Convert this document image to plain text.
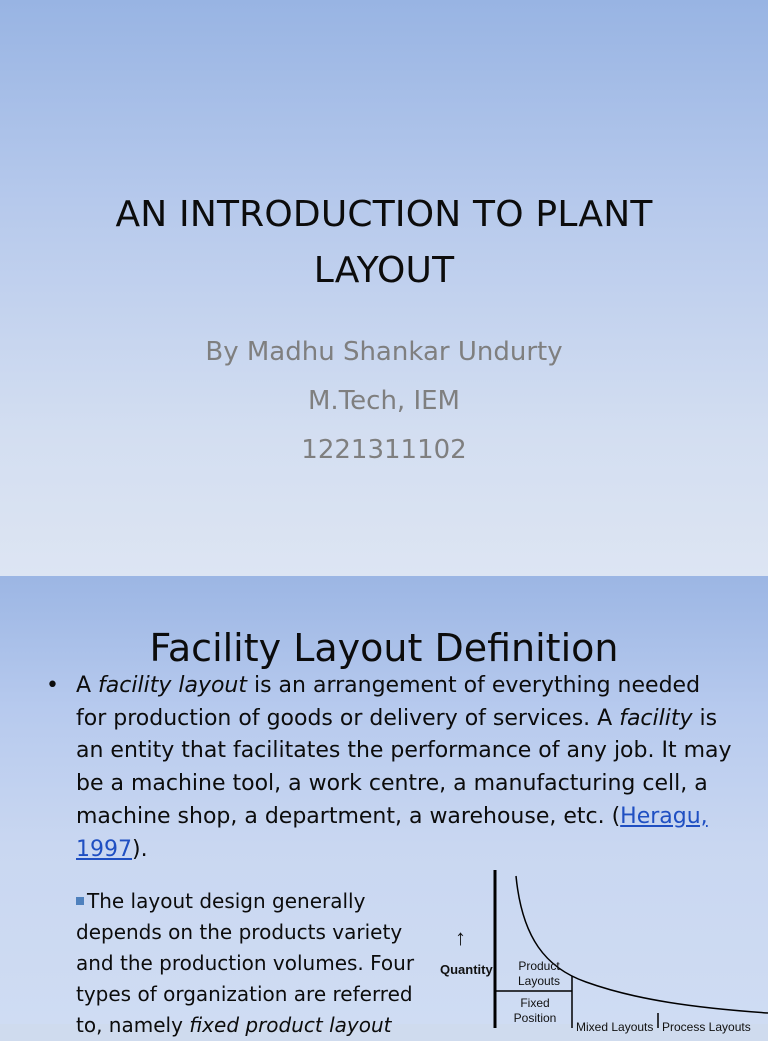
AN INTRODUCTION TO PLANT
LAYOUT
By Madhu Shankar Undurty
M.Tech, IEM
1221311102
Facility Layout Definition
• A facility layout is an arrangement of everything needed for production of goods or delivery of services. A facility is an entity that facilitates the performance of any job. It may be a machine tool, a work centre, a manufacturing cell, a machine shop, a department, a warehouse, etc. (Heragu, 1997).
The layout design generally depends on the products variety and the production volumes. Four types of organization are referred to, namely fixed product layout
↑
Quantity	Product
Layouts
Fixed
Position
Mixed Layouts Process Layouts
